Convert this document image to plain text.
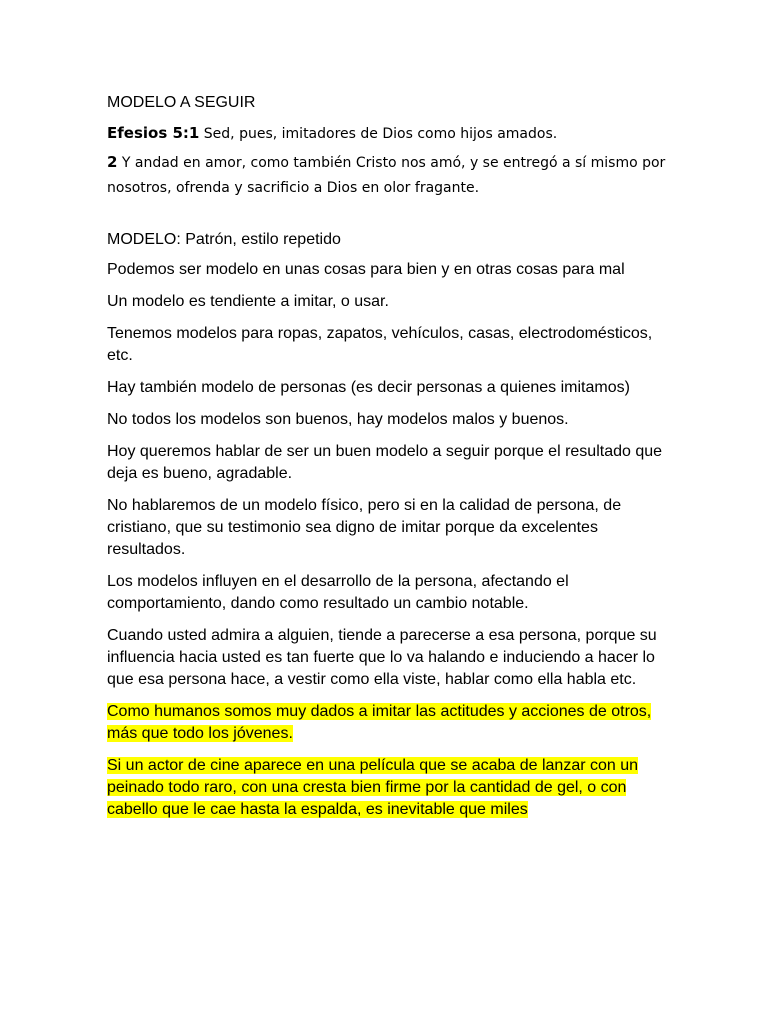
MODELO A SEGUIR

Efesios 5:1 Sed, pues, imitadores de Dios como hijos amados.

2 Y andad en amor, como también Cristo nos amó, y se entregó a sí mismo por nosotros, ofrenda y sacrificio a Dios en olor fragante.

MODELO: Patrón, estilo repetido

Podemos ser modelo en unas cosas para bien y en otras cosas para mal

Un modelo es tendiente a imitar, o usar.

Tenemos modelos para ropas, zapatos, vehículos, casas, electrodomésticos, etc.

Hay también modelo de personas (es decir personas a quienes imitamos)

No todos los modelos son buenos, hay modelos malos y buenos.

Hoy queremos hablar de ser un buen modelo a seguir porque el resultado que deja es bueno, agradable.

No hablaremos de un modelo físico, pero si en la calidad de persona, de cristiano, que su testimonio sea digno de imitar porque da excelentes resultados.

Los modelos influyen en el desarrollo de la persona, afectando el comportamiento, dando como resultado un cambio notable.

Cuando usted admira a alguien, tiende a parecerse a esa persona, porque su influencia hacia usted es tan fuerte que lo va halando e induciendo a hacer lo que esa persona hace, a vestir como ella viste, hablar como ella habla etc.

Como humanos somos muy dados a imitar las actitudes y acciones de otros, más que todo los jóvenes.

Si un actor de cine aparece en una película que se acaba de lanzar con un peinado todo raro, con una cresta bien firme por la cantidad de gel, o con cabello que le cae hasta la espalda, es inevitable que miles
